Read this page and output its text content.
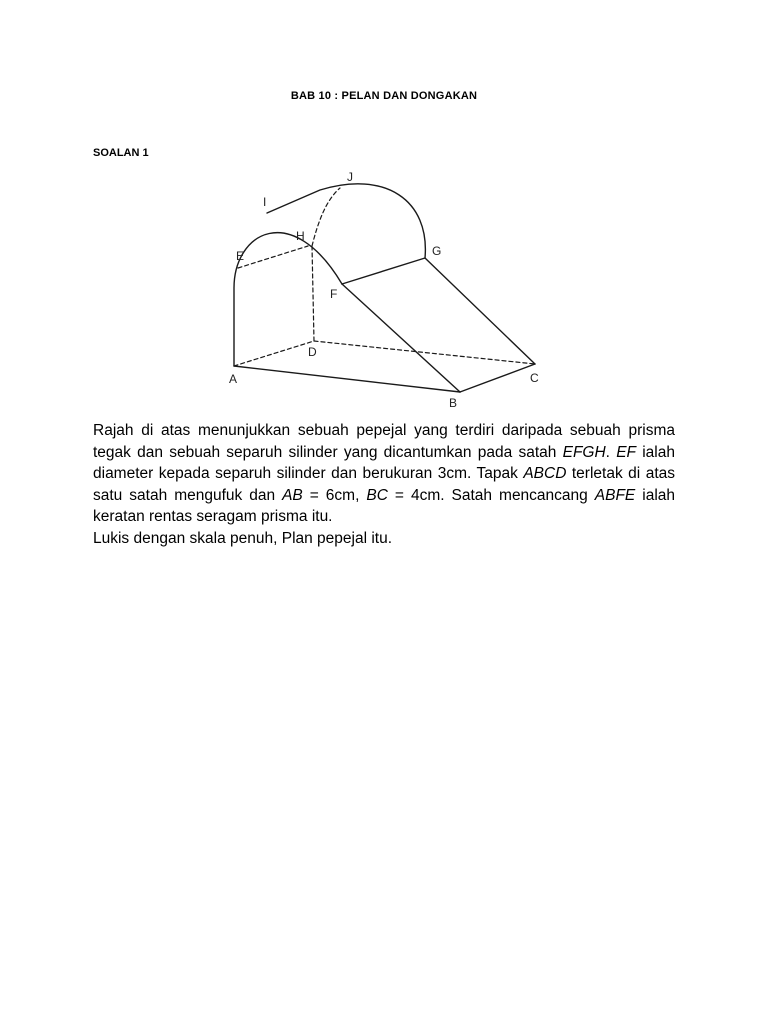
BAB 10 : PELAN DAN DONGAKAN
SOALAN 1
A
B
C
D
E
F
G
H
I
J

Rajah di atas menunjukkan sebuah pepejal yang terdiri daripada sebuah prisma tegak dan sebuah separuh silinder yang dicantumkan pada satah EFGH. EF ialah diameter kepada separuh silinder dan berukuran 3cm. Tapak ABCD terletak di atas satu satah mengufuk dan AB = 6cm, BC = 4cm. Satah mencancang ABFE ialah keratan rentas seragam prisma itu.

Lukis dengan skala penuh, Plan pepejal itu.
